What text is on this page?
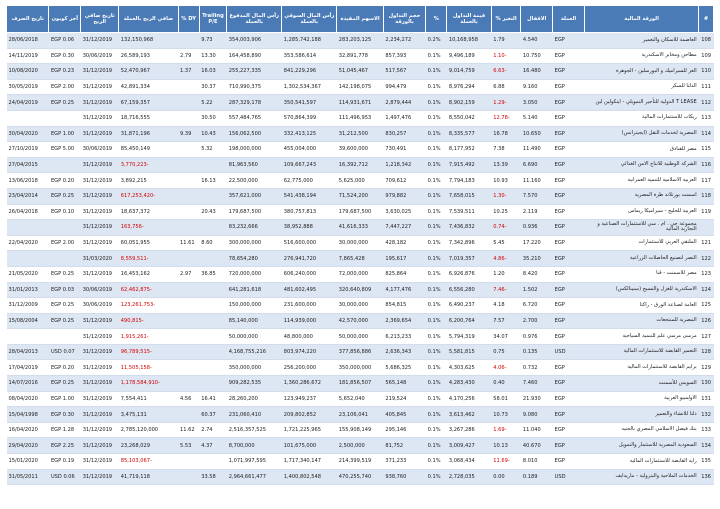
#	الورقة المالية	العملة	الاقفال	التغير %	قيمة التداول بالعملة	%	حجم التداول بالورقة	الاسهم المقيدة	رأس المال السوقي بالعملة	رأس المال المدفوع بالعملة	Trailing P/E	DY %	صافي الربح بالعملة	تاريخ صافي الربح	آخر كوبون	تاريخ الصرف
108	العاصمة للاسكان والتعمير	EGP	4.540	1.79	10,168,958	0.2%	2,234,272	283,203,125	1,285,742,188	354,003,906	9.73		132,150,968	31/12/2019	EGP 0.06	28/06/2018
109	مطاحن ومخابز الاسكندرية	EGP	10.750	-1.10	9,496,189	0.1%	857,393	32,891,778	353,586,614	164,458,890	13.30	2.79	26,589,193	30/06/2019	EGP 0.30	14/11/2019
110	العز للسيراميك و البورسلين - الجوهرة	EGP	16.480	-6.63	9,014,759	0.1%	517,567	51,045,467	841,229,296	255,227,335	16.03	1.37	52,470,967	31/12/2019	EGP 0.23	10/08/2020
111	الدلتا للسكر	EGP	9.160	6.88	8,976,294	0.1%	994,479	142,198,075	1,302,534,367	710,990,375	30.37		42,891,334	31/12/2019	EGP 2.00	30/05/2019
112	T LEASE الدولية للتأجير التمويلي - اينكولين لين	EGP	3.050	-1.29	8,902,159	0.1%	2,879,444	114,931,671	350,541,597	287,329,178	5.22		67,159,357	31/12/2019	EGP 0.25	24/04/2019
113	ريكاب للاستثمارات المالية	EGP	5.140	-12.78	8,550,042	0.1%	1,497,476	111,496,953	570,864,399	557,484,765	30.50		18,716,555	31/12/2019		
114	المصرية لخدمات النقل (ايجيترانس)	EGP	10.650	16.78	8,335,577	0.1%	830,257	31,212,500	332,413,125	156,062,500	10.43	9.39	31,871,196	31/12/2019	EGP 1.00	30/04/2020
115	مصر للفنادق	EGP	11.490	7.38	8,177,952	0.1%	730,491	39,600,000	455,004,000	198,000,000	5.32		85,450,149	30/06/2019	EGP 5.00	27/10/2019
116	الشركة الوطنية للانتاج الامن الغذائي	EGP	6.690	13.39	7,915,492	0.1%	1,218,342	16,392,712	109,667,243	81,963,560			-3,770,223	31/12/2019		27/04/2015
117	العربية الاسلامية للتنمية العمرانية	EGP	11.160	10.93	7,794,183	0.1%	709,612	5,625,000	62,775,000	22,500,000	16.13		3,892,215	31/12/2019	EGP 0.20	13/06/2018
118	اسمنت بورتلاند طرة المصرية	EGP	7.570	-1.30	7,658,015	0.1%	979,882	71,524,200	541,438,194	357,621,000			-617,253,420	31/12/2019	EGP 0.25	23/04/2014
119	العربية للحليج - سيراميكا ريماس	EGP	2.119	10.25	7,539,511	0.1%	3,630,025	179,687,500	380,757,813	179,687,500	20.43		18,637,372	31/12/2019	EGP 0.10	26/04/2018
	مجموعة جي . ام . سي للاستثمارات الصناعية و التجارية المالية	EGP	0.936	-0.74	7,436,832	0.1%	7,447,227	41,616,333	38,952,888	83,232,666			-163,756	31/12/2019		
121	الملتقي العربي للاستثمارات	EGP	17.220	5.45	7,342,896	0.1%	428,182	30,000,000	516,600,000	300,000,000	8.60	11.61	60,051,955	31/12/2019	EGP 2.00	22/04/2020
122	النصر لتصنيع الحاصلات الزراعية	EGP	35.210	-4.86	7,019,357	0.1%	195,617	7,865,428	276,941,720	78,654,280			-8,559,511	31/03/2020		
123	مصر للاسمنت - قنا	EGP	8.420	1.20	6,926,876	0.1%	825,864	72,000,000	606,240,000	720,000,000	36.85	2.97	16,453,162	31/12/2019	EGP 0.25	21/05/2020
124	الاسكندرية للغزل والنسيج (سبينالكس)	EGP	1.502	-7.46	6,556,280	0.1%	4,177,476	320,640,809	481,602,495	641,281,618			-62,462,875	30/06/2019	EGP 0.03	31/01/2013
125	العامة لصناعة الورق - راكتا	EGP	6.720	4.18	6,490,237	0.1%	854,815	30,000,000	231,600,000	150,000,000			-123,261,753	30/06/2019	EGP 0.25	31/12/2009
126	المصرية للمنتجعات	EGP	2.700	7.57	6,200,764	0.1%	2,369,654	42,570,000	114,939,000	85,140,000			-490,815	31/12/2019	EGP 0.25	15/08/2004
127	مرسى مرسي علم للتنمية السياحية	EGP	0.976	34.07	5,794,319	0.1%	6,213,233	50,000,000	48,800,000	50,000,000			-1,915,261	31/12/2019		
128	التعمير القابضة للاستثمارات المالية	USD	0.135	0.75	5,581,815	0.1%	2,636,343	377,856,886	803,974,220	4,168,755,216			-96,789,515	31/12/2019	USD 0.07	28/04/2013
129	برايم القابضة للاستثمارات المالية	EGP	0.732	-4.06	4,303,625	0.1%	5,686,325	350,000,000	256,200,000	350,000,000			-11,505,158	31/12/2019	EGP 0.20	17/04/2019
130	السويس للأسمنت	EGP	7.460	0.40	4,283,430	0.1%	565,148	181,856,507	1,360,286,672	909,282,535			-1,178,584,910	31/12/2019	EGP 0.25	14/07/2016
131	الاولمبيو العربية	EGP	21.930	58.01	4,170,256	0.1%	219,524	5,652,040	123,949,237	28,260,200	16.41	4.56	7,554,411	31/12/2019	EGP 1.00	08/04/2020
132	دلتا للانشاء والتعمير	EGP	9.080	10.73	3,613,462	0.1%	405,845	23,106,041	209,802,852	231,060,410	60.37		3,475,131	31/12/2019	EGP 0.30	15/04/1998
133	بنك فيصل الاسلامي المصري بالجنيه	EGP	11.040	-1.69	3,267,286	0.1%	295,146	155,908,149	1,721,225,965	2,516,357,525	2.74	11.62	2,785,120,000	31/12/2019	EGP 1.28	16/04/2020
134	السعودية المصرية للاستثمار والتمويل	EGP	40.670	10.13	3,009,427	0.1%	81,752	2,500,000	101,675,000	8,700,000	4.37	5.53	23,268,029	31/12/2019	EGP 2.25	29/04/2020
135	راية القابضة للاستثمارات المالية	EGP	8.010	-11.69	3,068,434	0.1%	371,233	214,399,519	1,717,340,147	1,071,997,595			-85,103,067	31/12/2019	EGP 0.19	15/01/2020
136	الخدمات الملاحية والبترولية - ماريدايف	USD	0.189	0.00	2,728,035	0.1%	938,760	470,255,740	1,400,802,548	2,964,661,477	33.58		41,719,118	31/12/2019	USD 0.06	31/05/2011
